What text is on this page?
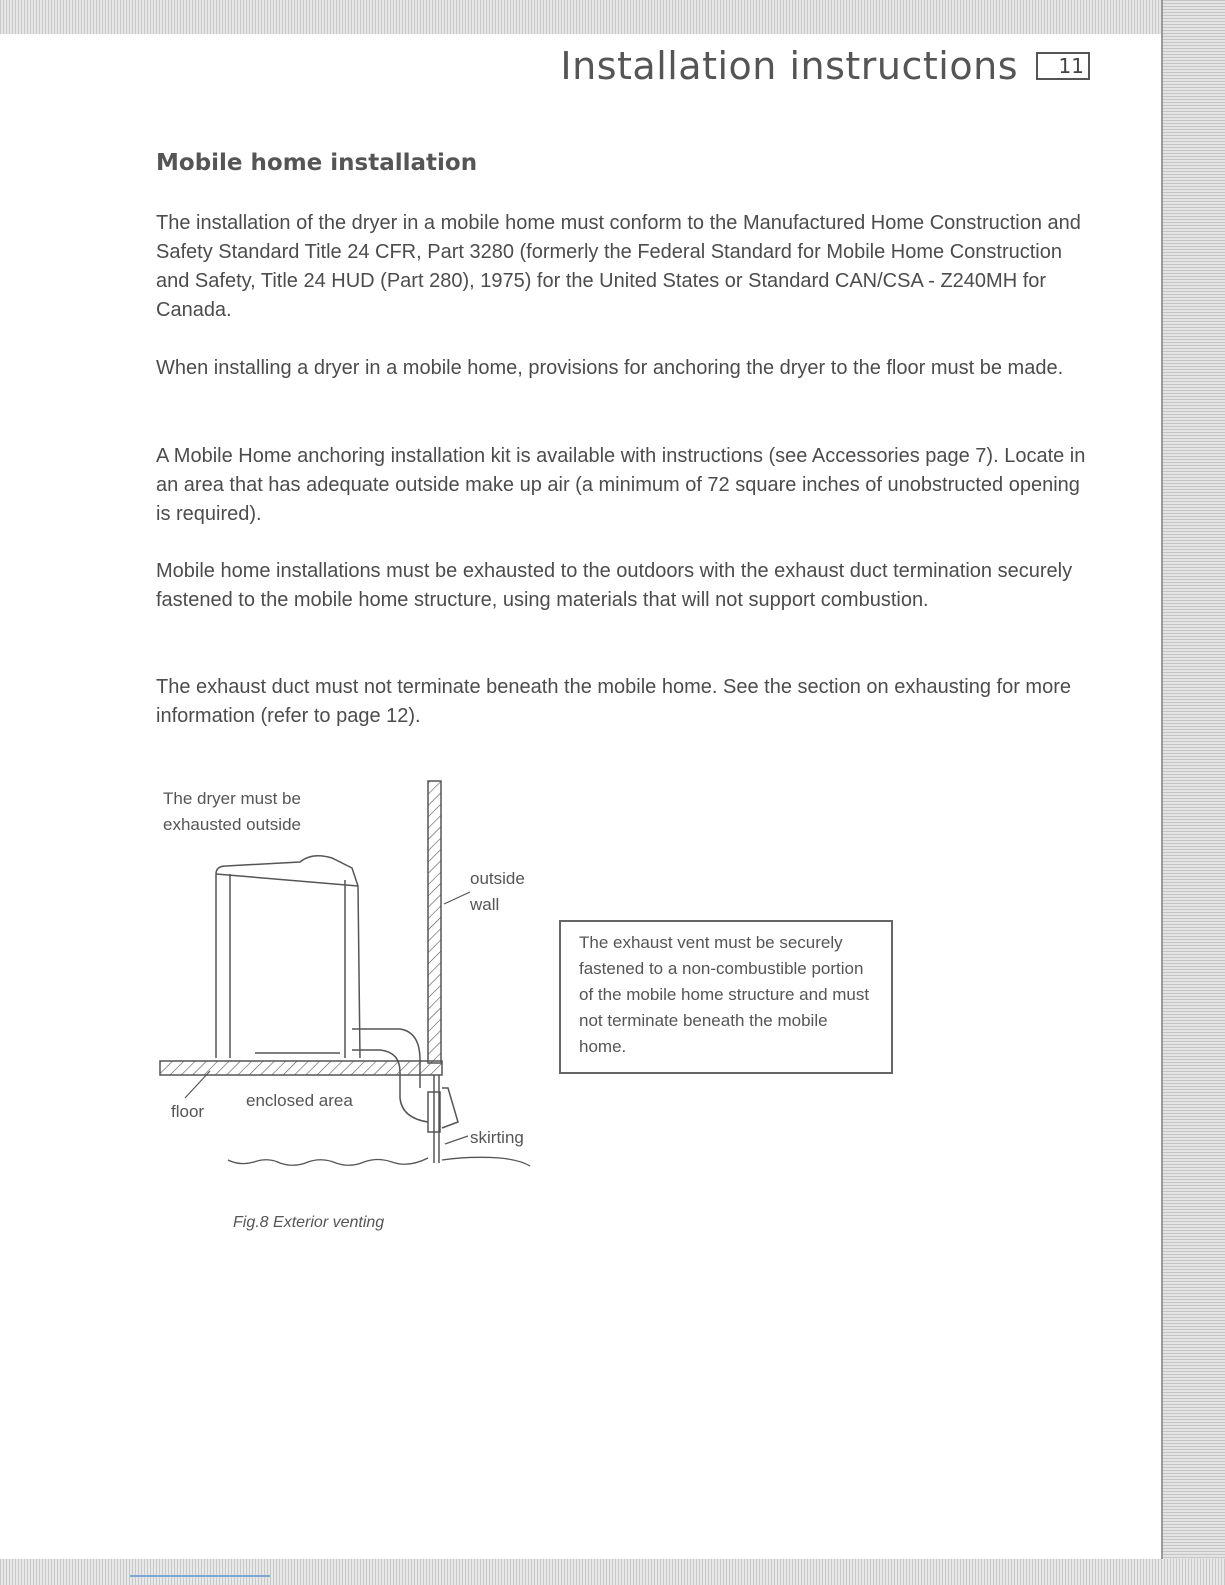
Installation instructions	11
Mobile home installation

The installation of the dryer in a mobile home must conform to the Manufactured Home Construction and Safety Standard Title 24 CFR, Part 3280 (formerly the Federal Standard for Mobile Home Construction and Safety, Title 24 HUD (Part 280), 1975) for the United States or Standard CAN/CSA - Z240MH for Canada.

When installing a dryer in a mobile home, provisions for anchoring the dryer to the floor must be made.

A Mobile Home anchoring installation kit is available with instructions (see Accessories page 7). Locate in an area that has adequate outside make up air (a minimum of 72 square inches of unobstructed opening is required).

Mobile home installations must be exhausted to the outdoors with the exhaust duct termination securely fastened to the mobile home structure, using materials that will not support combustion.

The exhaust duct must not terminate beneath the mobile home. See the section on exhausting for more information (refer to page 12).

The dryer must be exhausted outside
outside wall
enclosed area
floor
skirting
Fig.8 Exterior venting
The exhaust vent must be securely fastened to a non-combustible portion of the mobile home structure and must not terminate beneath the mobile home.
